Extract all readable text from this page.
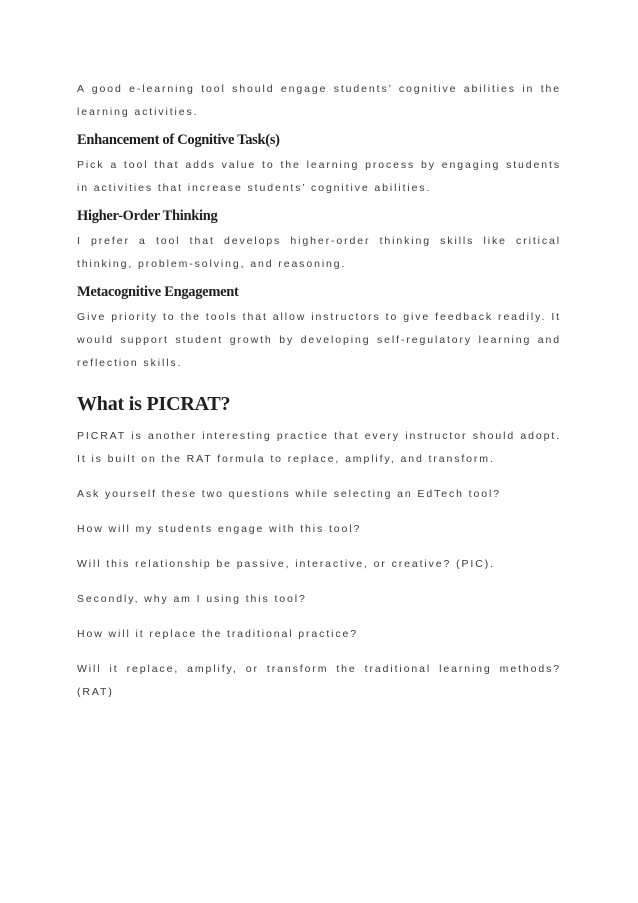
A good e-learning tool should engage students’ cognitive abilities in the learning activities.

Enhancement of Cognitive Task(s)

Pick a tool that adds value to the learning process by engaging students in activities that increase students’ cognitive abilities.

Higher-Order Thinking

I prefer a tool that develops higher-order thinking skills like critical thinking, problem-solving, and reasoning.

Metacognitive Engagement

Give priority to the tools that allow instructors to give feedback readily. It would support student growth by developing self-regulatory learning and reflection skills.

What is PICRAT?

PICRAT is another interesting practice that every instructor should adopt. It is built on the RAT formula to replace, amplify, and transform.

Ask yourself these two questions while selecting an EdTech tool?

How will my students engage with this tool?

Will this relationship be passive, interactive, or creative? (PIC).

Secondly, why am I using this tool?

How will it replace the traditional practice?

Will it replace, amplify, or transform the traditional learning methods? (RAT)
